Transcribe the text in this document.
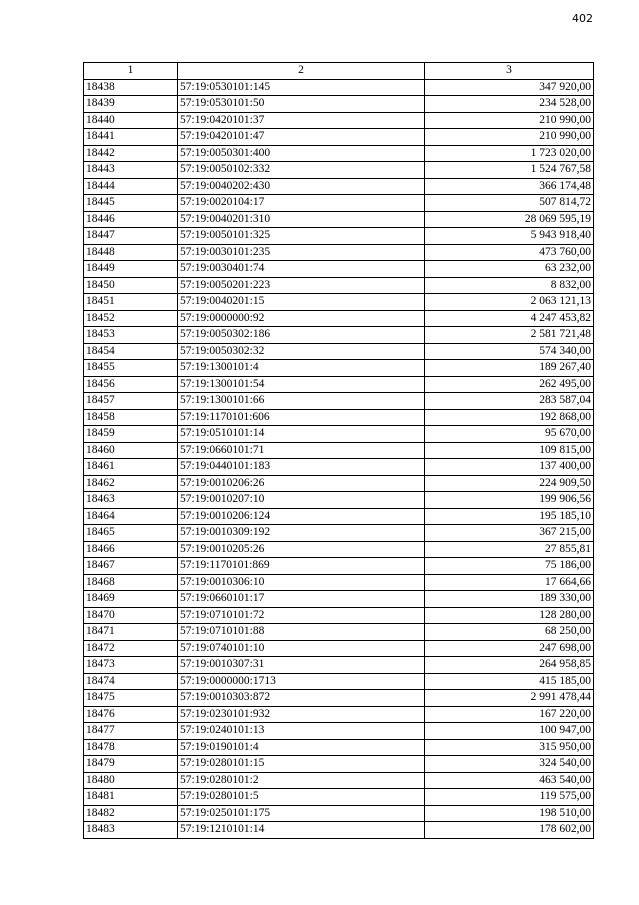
402
1	2	3
18438	57:19:0530101:145	347 920,00
18439	57:19:0530101:50	234 528,00
18440	57:19:0420101:37	210 990,00
18441	57:19:0420101:47	210 990,00
18442	57:19:0050301:400	1 723 020,00
18443	57:19:0050102:332	1 524 767,58
18444	57:19:0040202:430	366 174,48
18445	57:19:0020104:17	507 814,72
18446	57:19:0040201:310	28 069 595,19
18447	57:19:0050101:325	5 943 918,40
18448	57:19:0030101:235	473 760,00
18449	57:19:0030401:74	63 232,00
18450	57:19:0050201:223	8 832,00
18451	57:19:0040201:15	2 063 121,13
18452	57:19:0000000:92	4 247 453,82
18453	57:19:0050302:186	2 581 721,48
18454	57:19:0050302:32	574 340,00
18455	57:19:1300101:4	189 267,40
18456	57:19:1300101:54	262 495,00
18457	57:19:1300101:66	283 587,04
18458	57:19:1170101:606	192 868,00
18459	57:19:0510101:14	95 670,00
18460	57:19:0660101:71	109 815,00
18461	57:19:0440101:183	137 400,00
18462	57:19:0010206:26	224 909,50
18463	57:19:0010207:10	199 906,56
18464	57:19:0010206:124	195 185,10
18465	57:19:0010309:192	367 215,00
18466	57:19:0010205:26	27 855,81
18467	57:19:1170101:869	75 186,00
18468	57:19:0010306:10	17 664,66
18469	57:19:0660101:17	189 330,00
18470	57:19:0710101:72	128 280,00
18471	57:19:0710101:88	68 250,00
18472	57:19:0740101:10	247 698,00
18473	57:19:0010307:31	264 958,85
18474	57:19:0000000:1713	415 185,00
18475	57:19:0010303:872	2 991 478,44
18476	57:19:0230101:932	167 220,00
18477	57:19:0240101:13	100 947,00
18478	57:19:0190101:4	315 950,00
18479	57:19:0280101:15	324 540,00
18480	57:19:0280101:2	463 540,00
18481	57:19:0280101:5	119 575,00
18482	57:19:0250101:175	198 510,00
18483	57:19:1210101:14	178 602,00
